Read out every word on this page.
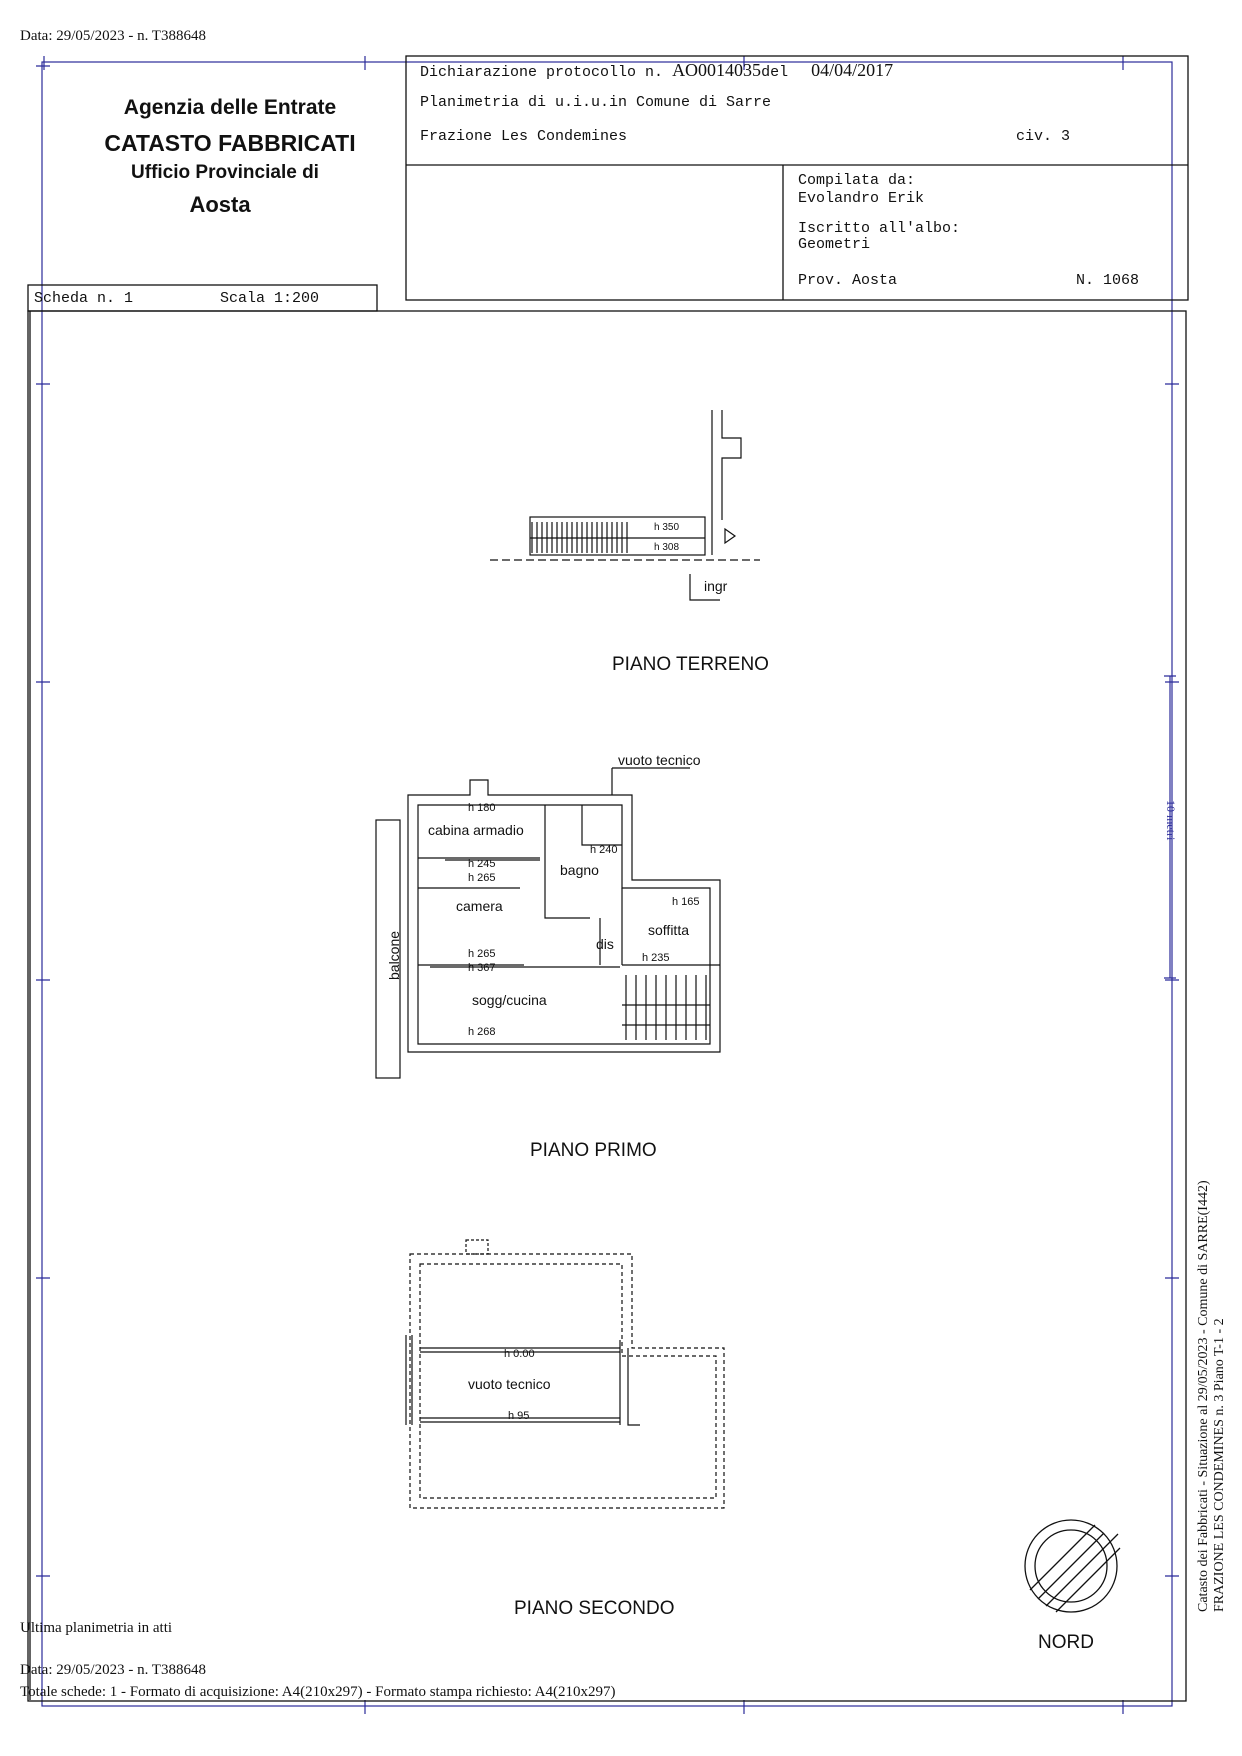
Data: 29/05/2023 - n. T388648
Agenzia delle Entrate
CATASTO FABBRICATI
Ufficio Provinciale di
Aosta
Dichiarazione protocollo n. AO0014035del 04/04/2017
Planimetria di u.i.u.in Comune di Sarre
Frazione Les Condemines	civ. 3
Compilata da:
Evolandro Erik
Iscritto all'albo:
Geometri
Prov. Aosta	N. 1068
Scheda n. 1	Scala 1:200
h 350
h 308
ingr
PIANO TERRENO
vuoto tecnico
h 180
cabina armadio
h 240
bagno
h 245
h 265
camera	h 165
soffitta
dis
balcone	h 265
h 367
h 235
sogg/cucina
h 268
PIANO PRIMO
h 0.00
vuoto tecnico
h 95
PIANO SECONDO
10 metri
Catasto dei Fabbricati - Situazione al 29/05/2023 - Comune di SARRE(I442) FRAZIONE LES CONDEMINES n. 3 Piano T-1 - 2
NORD
Ultima planimetria in atti
Data: 29/05/2023 - n. T388648
Totale schede: 1 - Formato di acquisizione: A4(210x297) - Formato stampa richiesto: A4(210x297)
